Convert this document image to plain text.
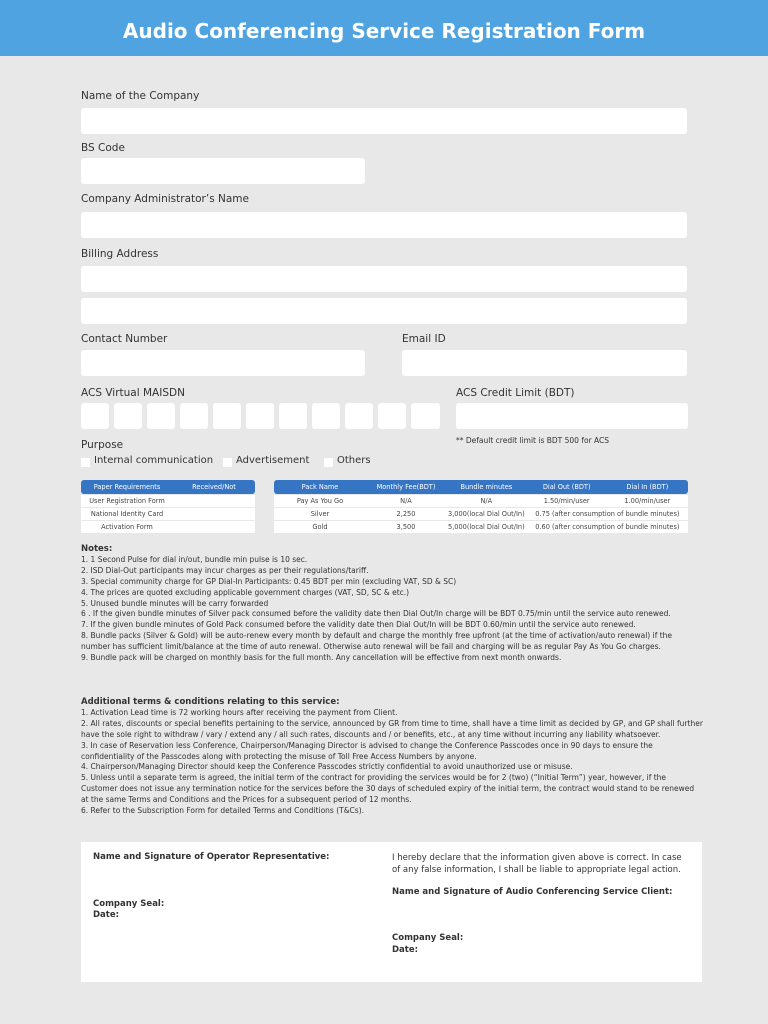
Audio Conferencing Service Registration Form
Name of the Company
BS Code
Company Administrator’s Name
Billing Address
Contact Number	Email ID
ACS Virtual MAISDN	ACS Credit Limit (BDT)
** Default credit limit is BDT 500 for ACS
Purpose
Internal communication Advertisement	Others
Paper Requirements	Received/Not
User Registration Form	
National Identity Card	
Activation Form	
Pack Name	Monthly Fee(BDT)	Bundle minutes	Dial Out (BDT)	Dial In (BDT)
Pay As You Go	N/A	N/A	1.50/min/user	1.00/min/user
Silver	2,250	3,000(local Dial Out/In)	0.75 (after consumption of bundle minutes)	
Gold	3,500	5,000(local Dial Out/In)	0.60 (after consumption of bundle minutes)	
Notes:
1. 1 Second Pulse for dial in/out, bundle min pulse is 10 sec.
2. ISD Dial-Out participants may incur charges as per their regulations/tariff.
3. Special community charge for GP Dial-In Participants: 0.45 BDT per min (excluding VAT, SD & SC)
4. The prices are quoted excluding applicable government charges (VAT, SD, SC & etc.)
5. Unused bundle minutes will be carry forwarded
6 . If the given bundle minutes of Silver pack consumed before the validity date then Dial Out/In charge will be BDT 0.75/min until the service auto renewed.
7. If the given bundle minutes of Gold Pack consumed before the validity date then Dial Out/In will be BDT 0.60/min until the service auto renewed.
8. Bundle packs (Silver & Gold) will be auto-renew every month by default and charge the monthly free upfront (at the time of activation/auto renewal) if the number has sufficient limit/balance at the time of auto renewal. Otherwise auto renewal will be fail and charging will be as regular Pay As You Go charges.
9. Bundle pack will be charged on monthly basis for the full month. Any cancellation will be effective from next month onwards.
Additional terms & conditions relating to this service:
1. Activation Lead time is 72 working hours after receiving the payment from Client.
2. All rates, discounts or special benefits pertaining to the service, announced by GR from time to time, shall have a time limit as decided by GP, and GP shall further have the sole right to withdraw / vary / extend any / all such rates, discounts and / or benefits, etc., at any time without incurring any liability whatsoever.
3. In case of Reservation less Conference, Chairperson/Managing Director is advised to change the Conference Passcodes once in 90 days to ensure the confidentiality of the Passcodes along with protecting the misuse of Toll Free Access Numbers by anyone.
4. Chairperson/Managing Director should keep the Conference Passcodes strictly confidential to avoid unauthorized use or misuse.
5. Unless until a separate term is agreed, the initial term of the contract for providing the services would be for 2 (two) (“Initial Term”) year, however, if the Customer does not issue any termination notice for the services before the 30 days of scheduled expiry of the initial term, the contract would stand to be renewed at the same Terms and Conditions and the Prices for a subsequent period of 12 months.
6. Refer to the Subscription Form for detailed Terms and Conditions (T&Cs).
Name and Signature of Operator Representative:
Company Seal:
Date:
I hereby declare that the information given above is correct. In case of any false information, I shall be liable to appropriate legal action.
Name and Signature of Audio Conferencing Service Client:
Company Seal:
Date:
